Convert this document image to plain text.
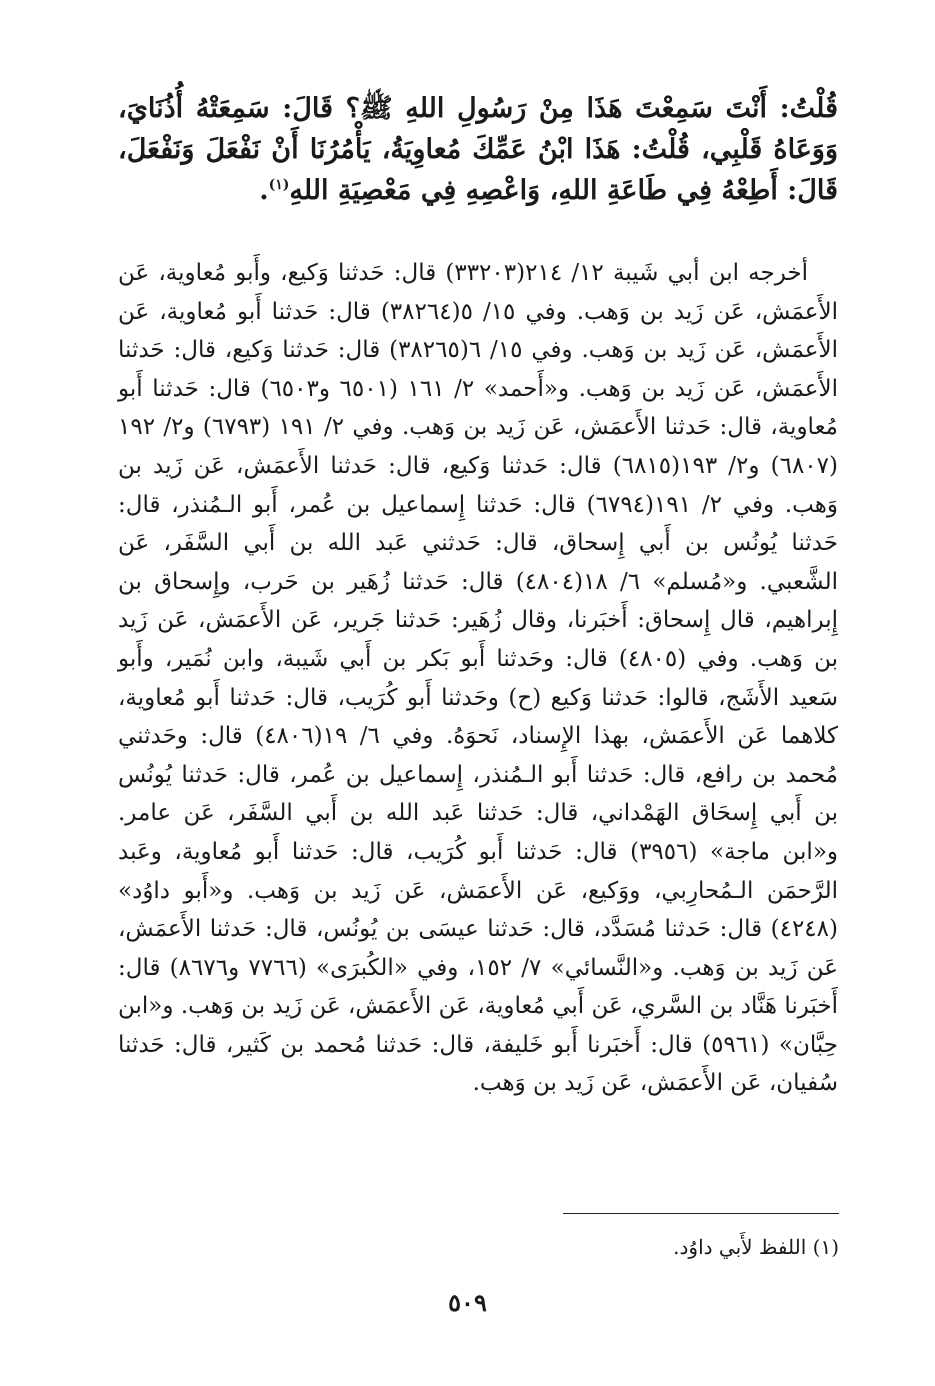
قُلْتُ: أَنْتَ سَمِعْتَ هَذَا مِنْ رَسُولِ اللهِ ﷺ؟ قَالَ: سَمِعَتْهُ أُذُنَايَ، وَوَعَاهُ قَلْبِي، قُلْتُ: هَذَا ابْنُ عَمِّكَ مُعاوِيَةُ، يَأْمُرُنَا أَنْ نَفْعَلَ وَنَفْعَلَ، قَالَ: أَطِعْهُ فِي طَاعَةِ اللهِ، وَاعْصِهِ فِي مَعْصِيَةِ اللهِ$^{(١)}$.

أخرجه ابن أبي شَيبة ١٢/ ٢١٤(٣٣٢٠٣) قال: حَدثنا وَكيع، وأَبو مُعاوية، عَن الأَعمَش، عَن زَيد بن وَهب. وفي ١٥/ ٥(٣٨٢٦٤) قال: حَدثنا أَبو مُعاوية، عَن الأَعمَش، عَن زَيد بن وَهب. وفي ١٥/ ٦(٣٨٢٦٥) قال: حَدثنا وَكيع، قال: حَدثنا الأَعمَش، عَن زَيد بن وَهب. و«أَحمد» ٢/ ١٦١ (٦٥٠١ و٦٥٠٣) قال: حَدثنا أَبو مُعاوية، قال: حَدثنا الأَعمَش، عَن زَيد بن وَهب. وفي ٢/ ١٩١ (٦٧٩٣) و٢/ ١٩٢ (٦٨٠٧) و٢/ ١٩٣(٦٨١٥) قال: حَدثنا وَكيع، قال: حَدثنا الأَعمَش، عَن زَيد بن وَهب. وفي ٢/ ١٩١(٦٧٩٤) قال: حَدثنا إِسماعيل بن عُمر، أَبو الـمُنذر، قال: حَدثنا يُونُس بن أَبي إِسحاق، قال: حَدثني عَبد الله بن أَبي السَّفَر، عَن الشَّعبي. و«مُسلم» ٦/ ١٨(٤٨٠٤) قال: حَدثنا زُهَير بن حَرب، وإِسحاق بن إِبراهيم، قال إِسحاق: أَخبَرنا، وقال زُهَير: حَدثنا جَرير، عَن الأَعمَش، عَن زَيد بن وَهب. وفي (٤٨٠٥) قال: وحَدثنا أَبو بَكر بن أَبي شَيبة، وابن نُمَير، وأَبو سَعيد الأَشَج، قالوا: حَدثنا وَكيع (ح) وحَدثنا أَبو كُرَيب، قال: حَدثنا أَبو مُعاوية، كلاهما عَن الأَعمَش، بهذا الإِسناد، نَحوَهُ. وفي ٦/ ١٩(٤٨٠٦) قال: وحَدثني مُحمد بن رافع، قال: حَدثنا أَبو الـمُنذر، إِسماعيل بن عُمر، قال: حَدثنا يُونُس بن أَبي إِسحَاق الهَمْداني، قال: حَدثنا عَبد الله بن أَبي السَّفَر، عَن عامر. و«ابن ماجة» (٣٩٥٦) قال: حَدثنا أَبو كُرَيب، قال: حَدثنا أَبو مُعاوية، وعَبد الرَّحمَن الـمُحارِبي، ووَكيع، عَن الأَعمَش، عَن زَيد بن وَهب. و«أَبو داوُد» (٤٢٤٨) قال: حَدثنا مُسَدَّد، قال: حَدثنا عيسَى بن يُونُس، قال: حَدثنا الأَعمَش، عَن زَيد بن وَهب. و«النَّسائي» ٧/ ١٥٢، وفي «الكُبرَى» (٧٧٦٦ و٨٦٧٦) قال: أَخبَرنا هَنَّاد بن السَّري، عَن أَبي مُعاوية، عَن الأَعمَش، عَن زَيد بن وَهب. و«ابن حِبَّان» (٥٩٦١) قال: أَخبَرنا أَبو خَليفة، قال: حَدثنا مُحمد بن كَثير، قال: حَدثنا سُفيان، عَن الأَعمَش، عَن زَيد بن وَهب.

(١) اللفظ لأَبي داوُد.

٥٠٩
